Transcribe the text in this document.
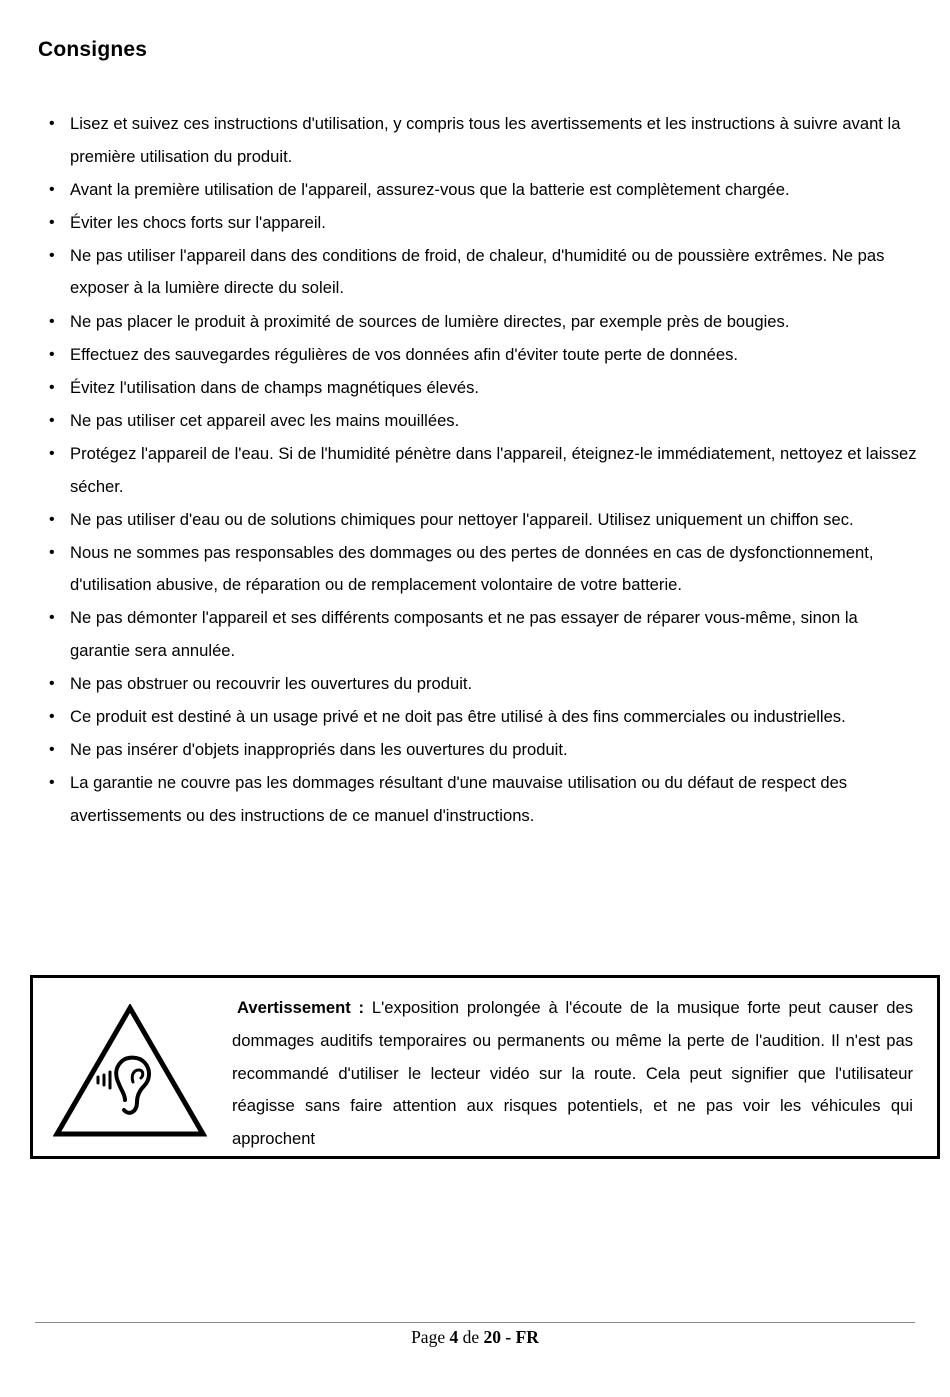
Consignes
• Lisez et suivez ces instructions d'utilisation, y compris tous les avertissements et les instructions à suivre avant la première utilisation du produit.
• Avant la première utilisation de l'appareil, assurez-vous que la batterie est complètement chargée.
• Éviter les chocs forts sur l'appareil.
• Ne pas utiliser l'appareil dans des conditions de froid, de chaleur, d'humidité ou de poussière extrêmes. Ne pas exposer à la lumière directe du soleil.
• Ne pas placer le produit à proximité de sources de lumière directes, par exemple près de bougies.
• Effectuez des sauvegardes régulières de vos données afin d'éviter toute perte de données.
• Évitez l'utilisation dans de champs magnétiques élevés.
• Ne pas utiliser cet appareil avec les mains mouillées.
• Protégez l'appareil de l'eau. Si de l'humidité pénètre dans l'appareil, éteignez-le immédiatement, nettoyez et laissez sécher.
• Ne pas utiliser d'eau ou de solutions chimiques pour nettoyer l'appareil. Utilisez uniquement un chiffon sec.
• Nous ne sommes pas responsables des dommages ou des pertes de données en cas de dysfonctionnement, d'utilisation abusive, de réparation ou de remplacement volontaire de votre batterie.
• Ne pas démonter l'appareil et ses différents composants et ne pas essayer de réparer vous-même, sinon la garantie sera annulée.
• Ne pas obstruer ou recouvrir les ouvertures du produit.
• Ce produit est destiné à un usage privé et ne doit pas être utilisé à des fins commerciales ou industrielles.
• Ne pas insérer d'objets inappropriés dans les ouvertures du produit.
• La garantie ne couvre pas les dommages résultant d'une mauvaise utilisation ou du défaut de respect des avertissements ou des instructions de ce manuel d'instructions.

Avertissement : L'exposition prolongée à l'écoute de la musique forte peut causer des dommages auditifs temporaires ou permanents ou même la perte de l'audition. Il n'est pas recommandé d'utiliser le lecteur vidéo sur la route. Cela peut signifier que l'utilisateur réagisse sans faire attention aux risques potentiels, et ne pas voir les véhicules qui approchent

Page 4 de 20 - FR
